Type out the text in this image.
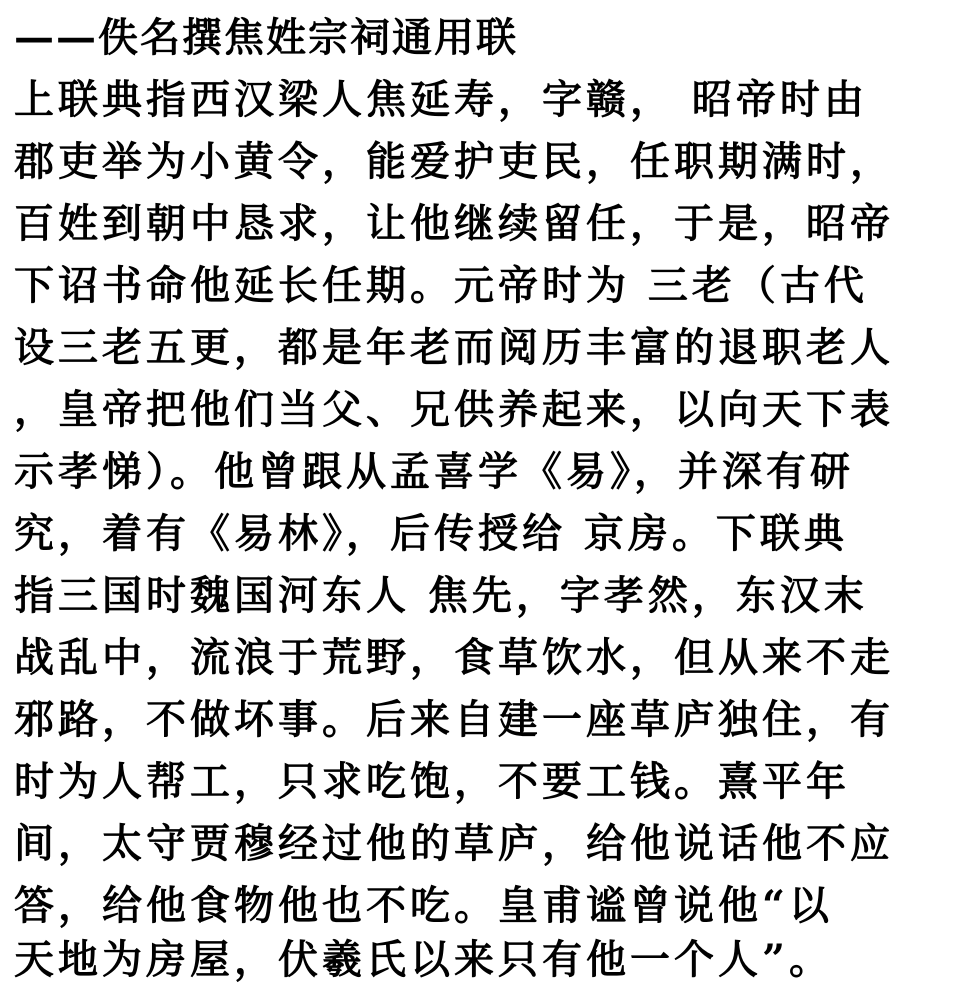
——佚名撰焦姓宗祠通用联

上联典指西汉梁人焦延寿，字赣， 昭帝时由

郡吏举为小黄令，能爱护吏民，任职期满时，

百姓到朝中恳求，让他继续留任，于是，昭帝

下诏书命他延长任期。元帝时为 三老（古代

设三老五更，都是年老而阅历丰富的退职老人

，皇帝把他们当父、兄供养起来，以向天下表

示孝悌）。他曾跟从孟喜学《易》，并深有研

究，着有《易林》，后传授给 京房。下联典

指三国时魏国河东人 焦先，字孝然，东汉末

战乱中，流浪于荒野，食草饮水，但从来不走

邪路，不做坏事。后来自建一座草庐独住，有

时为人帮工，只求吃饱，不要工钱。熹平年

间，太守贾穆经过他的草庐，给他说话他不应

答，给他食物他也不吃。皇甫谧曾说他“以

天地为房屋，伏羲氏以来只有他一个人”。
